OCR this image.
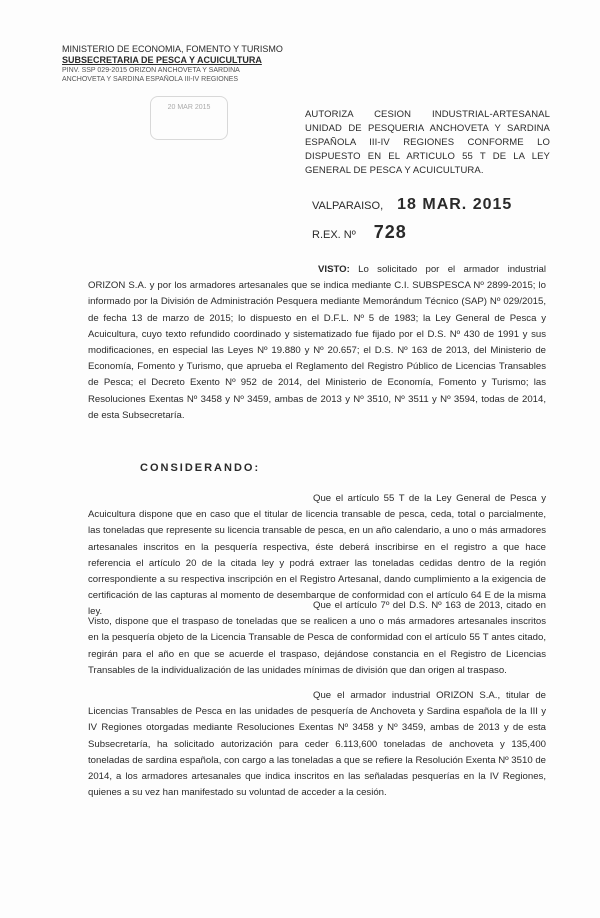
MINISTERIO DE ECONOMIA, FOMENTO Y TURISMO
SUBSECRETARIA DE PESCA Y ACUICULTURA
PINV. SSP 029-2015 ORIZON ANCHOVETA Y SARDINA
ANCHOVETA Y SARDINA ESPAÑOLA III-IV REGIONES
20 MAR 2015
AUTORIZA CESION INDUSTRIAL-ARTESANAL UNIDAD DE PESQUERIA ANCHOVETA Y SARDINA ESPAÑOLA III-IV REGIONES CONFORME LO DISPUESTO EN EL ARTICULO 55 T DE LA LEY GENERAL DE PESCA Y ACUICULTURA.
VALPARAISO, 18 MAR. 2015
R.EX. Nº 728
VISTO: Lo solicitado por el armador industrial ORIZON S.A. y por los armadores artesanales que se indica mediante C.I. SUBSPESCA Nº 2899-2015; lo informado por la División de Administración Pesquera mediante Memorándum Técnico (SAP) Nº 029/2015, de fecha 13 de marzo de 2015; lo dispuesto en el D.F.L. Nº 5 de 1983; la Ley General de Pesca y Acuicultura, cuyo texto refundido coordinado y sistematizado fue fijado por el D.S. Nº 430 de 1991 y sus modificaciones, en especial las Leyes Nº 19.880 y Nº 20.657; el D.S. Nº 163 de 2013, del Ministerio de Economía, Fomento y Turismo, que aprueba el Reglamento del Registro Público de Licencias Transables de Pesca; el Decreto Exento Nº 952 de 2014, del Ministerio de Economía, Fomento y Turismo; las Resoluciones Exentas Nº 3458 y Nº 3459, ambas de 2013 y Nº 3510, Nº 3511 y Nº 3594, todas de 2014, de esta Subsecretaría.
CONSIDERANDO:
Que el artículo 55 T de la Ley General de Pesca y Acuicultura dispone que en caso que el titular de licencia transable de pesca, ceda, total o parcialmente, las toneladas que represente su licencia transable de pesca, en un año calendario, a uno o más armadores artesanales inscritos en la pesquería respectiva, éste deberá inscribirse en el registro a que hace referencia el artículo 20 de la citada ley y podrá extraer las toneladas cedidas dentro de la región correspondiente a su respectiva inscripción en el Registro Artesanal, dando cumplimiento a la exigencia de certificación de las capturas al momento de desembarque de conformidad con el artículo 64 E de la misma ley.
Que el artículo 7º del D.S. Nº 163 de 2013, citado en Visto, dispone que el traspaso de toneladas que se realicen a uno o más armadores artesanales inscritos en la pesquería objeto de la Licencia Transable de Pesca de conformidad con el artículo 55 T antes citado, regirán para el año en que se acuerde el traspaso, dejándose constancia en el Registro de Licencias Transables de la individualización de las unidades mínimas de división que dan origen al traspaso.
Que el armador industrial ORIZON S.A., titular de Licencias Transables de Pesca en las unidades de pesquería de Anchoveta y Sardina española de la III y IV Regiones otorgadas mediante Resoluciones Exentas Nº 3458 y Nº 3459, ambas de 2013 y de esta Subsecretaría, ha solicitado autorización para ceder 6.113,600 toneladas de anchoveta y 135,400 toneladas de sardina española, con cargo a las toneladas a que se refiere la Resolución Exenta Nº 3510 de 2014, a los armadores artesanales que indica inscritos en las señaladas pesquerías en la IV Regiones, quienes a su vez han manifestado su voluntad de acceder a la cesión.
